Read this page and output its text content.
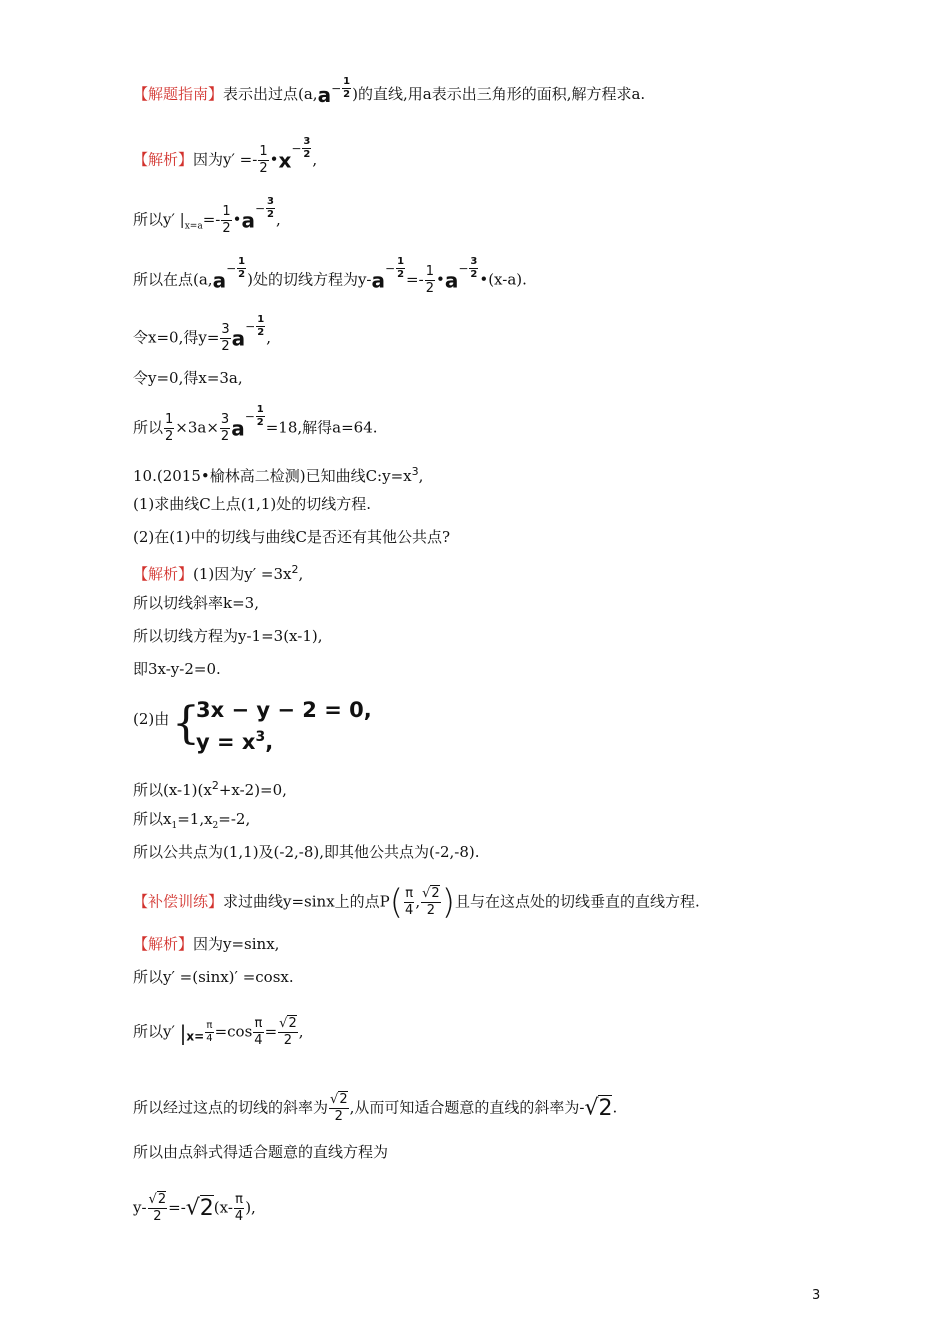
【解题指南】表示出过点($a,a- \frac{1}{2}$ )的直线,用a表示出三角形的面积,解方程求a.
【解析】因为$y' =- \frac{1}{2}$ •x− $\frac{3}{2}$ ,
所以y′ $|_{x=a}=- \frac{1}{2}$ •a− $\frac{3}{2}$ ,
所以在点($a,a- \frac{1}{2}$ )处的切线方程为$y-a- \frac{1}{2} =- \frac{1}{2}$ •a− $\frac{3}{2}$ •(x-a).
令x=0,得$y= \frac{3}{2} a- \frac{1}{2}$ ,
令y=0,得x=3a,
所以 $\frac{1}{2} \times 3a\times \frac{3}{2} a- \frac{1}{2} =18$,解得a=64.
10.(2015•榆林高二检测)已知曲线$C:y=x^3$,
(1)求曲线C上点(1,1)处的切线方程.
(2)在(1)中的切线与曲线C是否还有其他公共点?
【解析】(1)因为$y' =3x^2$,
所以切线斜率k=3,
所以切线方程为y-1=3(x-1),
即3x-y-2=0.
(2)由 {
3x − y − 2 = 0,
$y = x^3$,
所以$(x-1)(x^2+x-2)=0$,
所以$x_1=1,x_2=-2$,
所以公共点为(1,1)及(-2,-8),即其他公共点为(-2,-8).
【补偿训练】求过曲线y=sinx上的点$P( \frac{\pi}{4}$ , $\frac{√2}{2}$ )且与在这点处的切线垂直的直线方程.
【解析】因为y=sinx,
所以y′ =(sinx)′ =cosx.
所以y′ $|_{x=} \frac{\pi}{4} =\cos \frac{\pi}{4} = \frac{√2}{2}$ ,
所以经过这点的切线的斜率为 $\frac{√2}{2}$ ,从而可知适合题意的直线的斜率为-√2.
所以由点斜式得适合题意的直线方程为
$y- \frac{√2}{2} =-√2(x- \frac{\pi}{4}$ ),
3
